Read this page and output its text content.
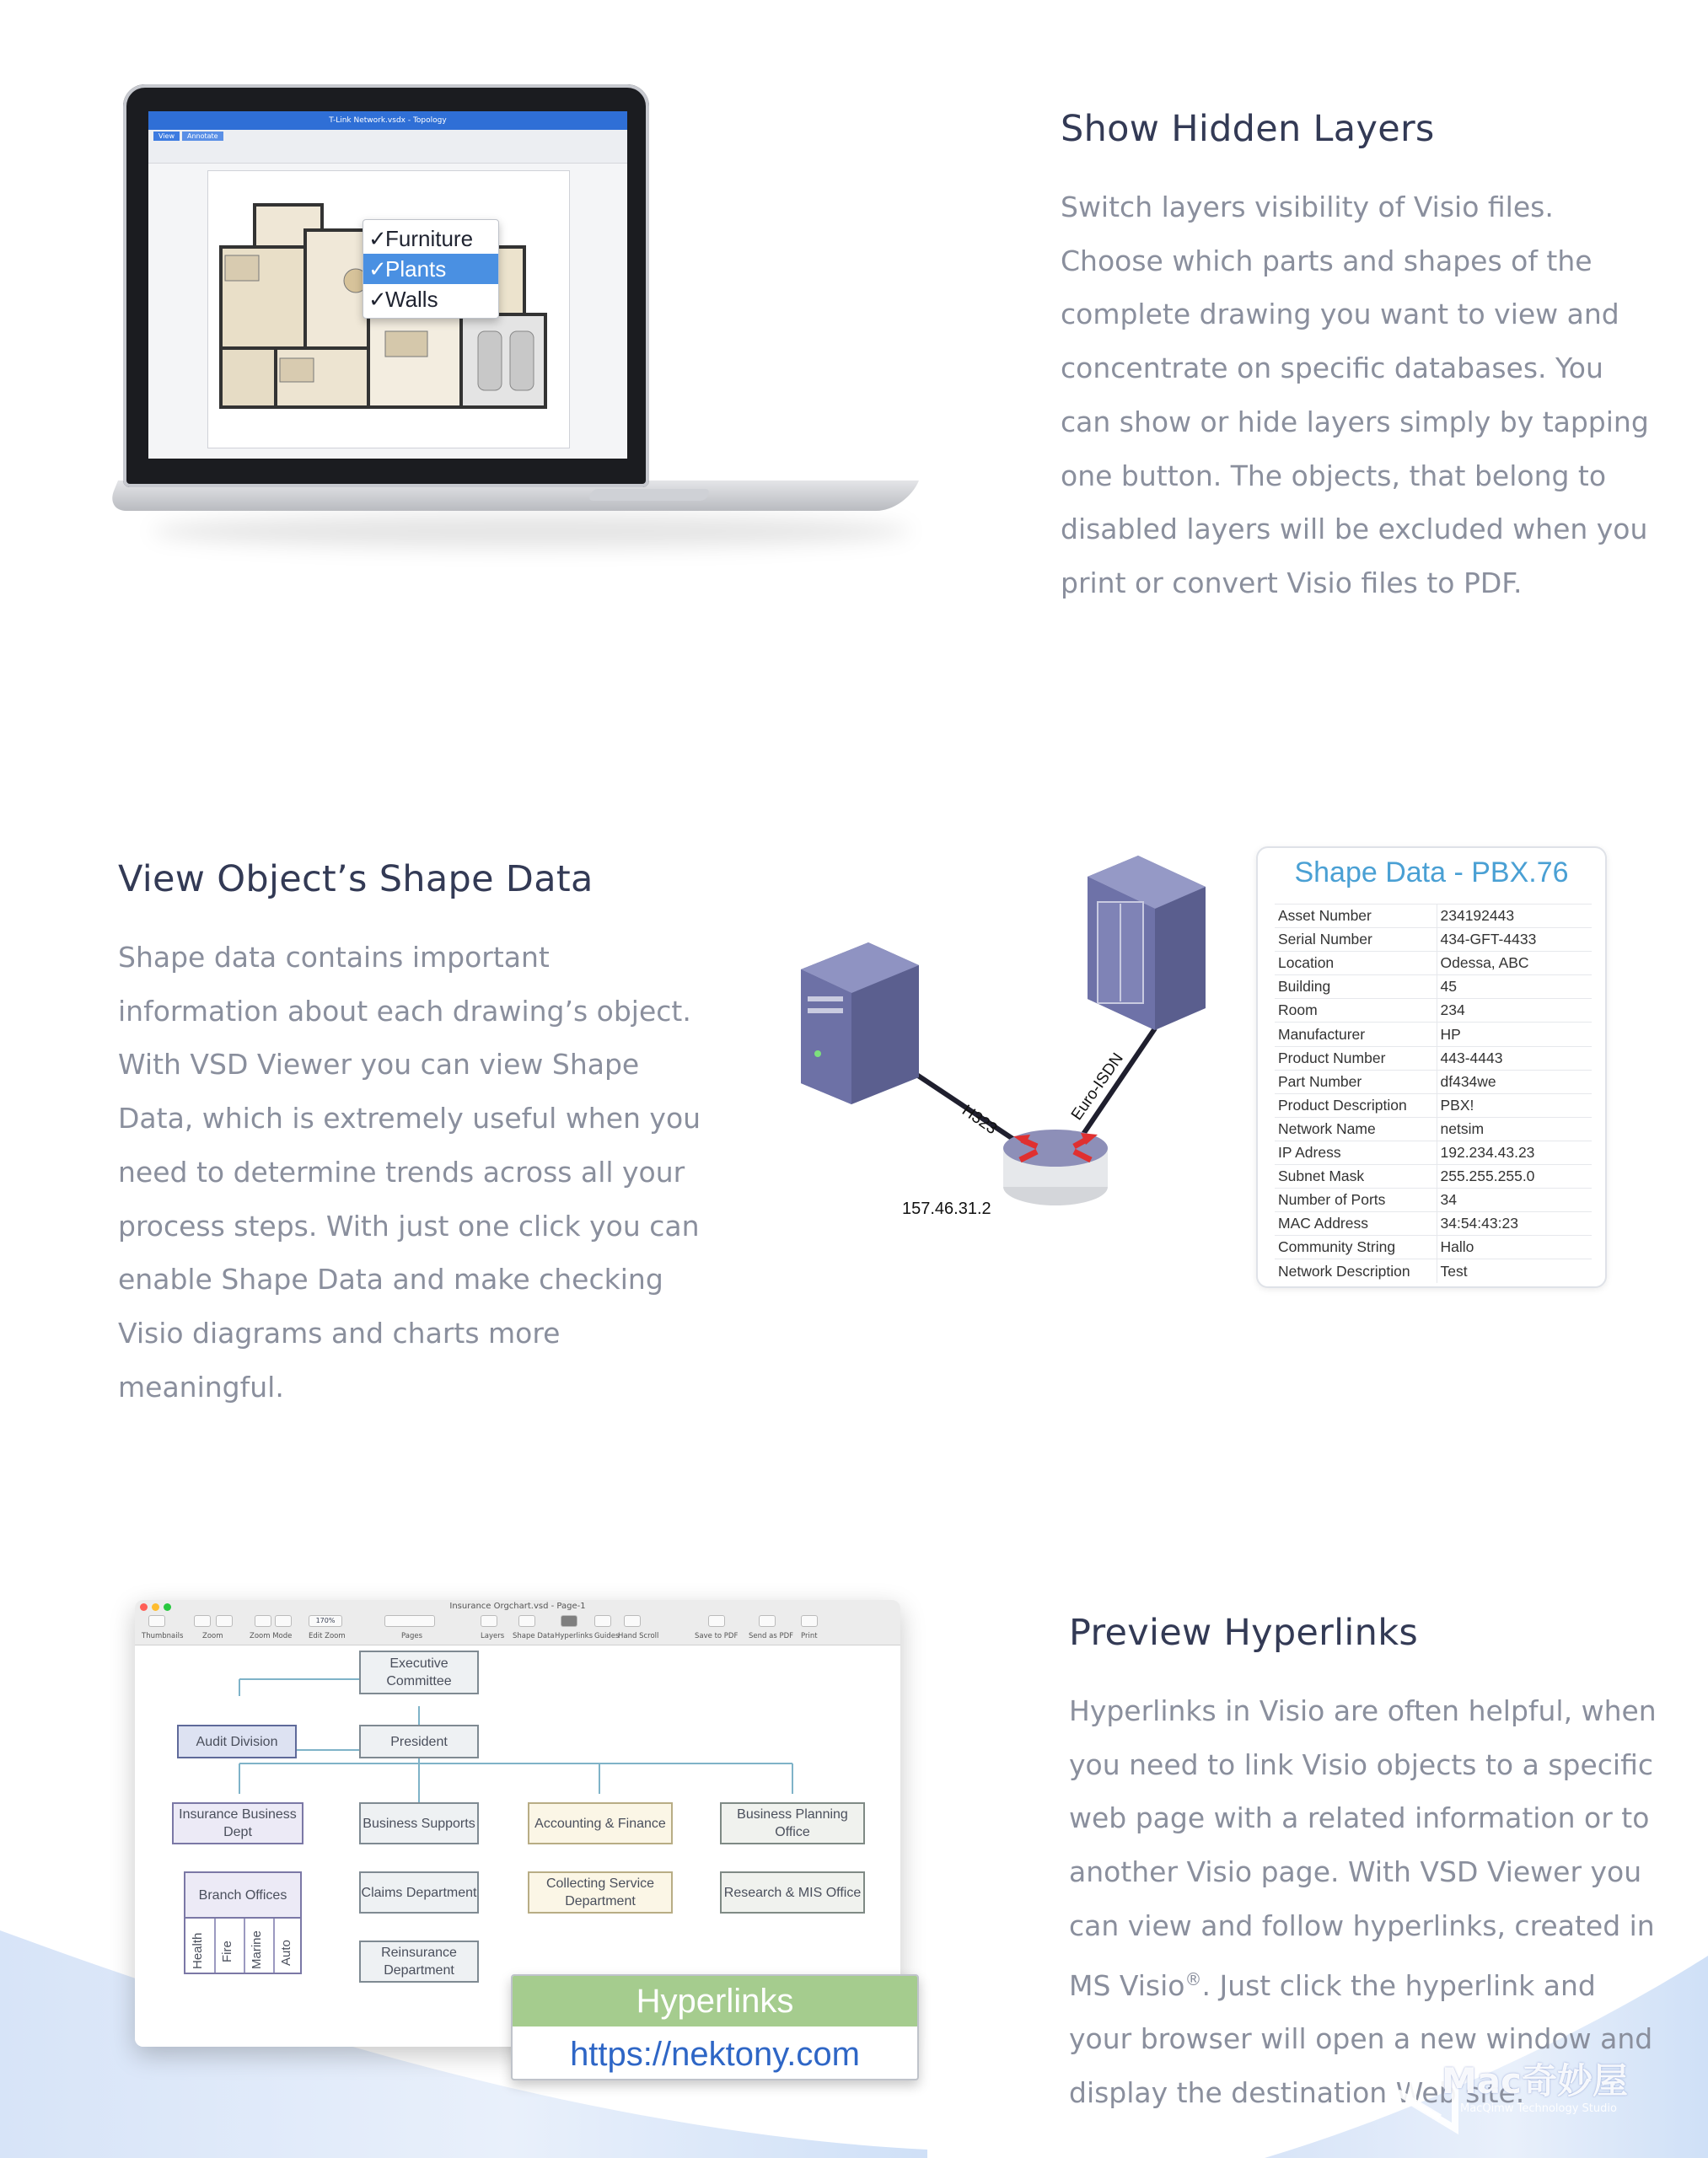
T-Link Network.vsdx - Topology
View	Annotate
✓Furniture
✓Plants
✓Walls
Show Hidden Layers

Switch layers visibility of Visio files. Choose which parts and shapes of the complete drawing you want to view and concentrate on specific databases. You can show or hide layers simply by tapping one button. The objects, that belong to disabled layers will be excluded when you print or convert Visio files to PDF.

View Object’s Shape Data

Shape data contains important information about each drawing’s object. With VSD Viewer you can view Shape Data, which is extremely useful when you need to determine trends across all your process steps. With just one click you can enable Shape Data and make checking Visio diagrams and charts more meaningful.

H323	Euro-ISDN
157.46.31.2
Shape Data - PBX.76
Asset Number	234192443
Serial Number	434-GFT-4433
Location	Odessa, ABC
Building	45
Room	234
Manufacturer	HP
Product Number	443-4443
Part Number	df434we
Product Description	PBX!
Network Name	netsim
IP Adress	192.234.43.23
Subnet Mask	255.255.255.0
Number of Ports	34
MAC Address	34:54:43:23
Community String	Hallo
Network Description	Test
Insurance Orgchart.vsd - Page-1
170%
Thumbnails	Zoom	Zoom Mode Edit Zoom	Pages	Layers Shape Data Hyperlinks Guides
Hand Scroll	Save to PDF Send as PDF Print
Executive Committee
President
Audit Division
Insurance Business Dept
Business Supports	Accounting & Finance
Business Planning Office
Branch Offices	Claims Department
Collecting Service Department
Research & MIS Office
Reinsurance Department
Health Fire Marine Auto
Hyperlinks
https://nektony.com
Preview Hyperlinks

Hyperlinks in Visio are often helpful, when you need to link Visio objects to a specific web page with a related information or to another Visio page. With VSD Viewer you can view and follow hyperlinks, created in MS Visio®. Just click the hyperlink and your browser will open a new window and display the destination Web site.

Mac奇妙屋
MacQimw Technology Studio
